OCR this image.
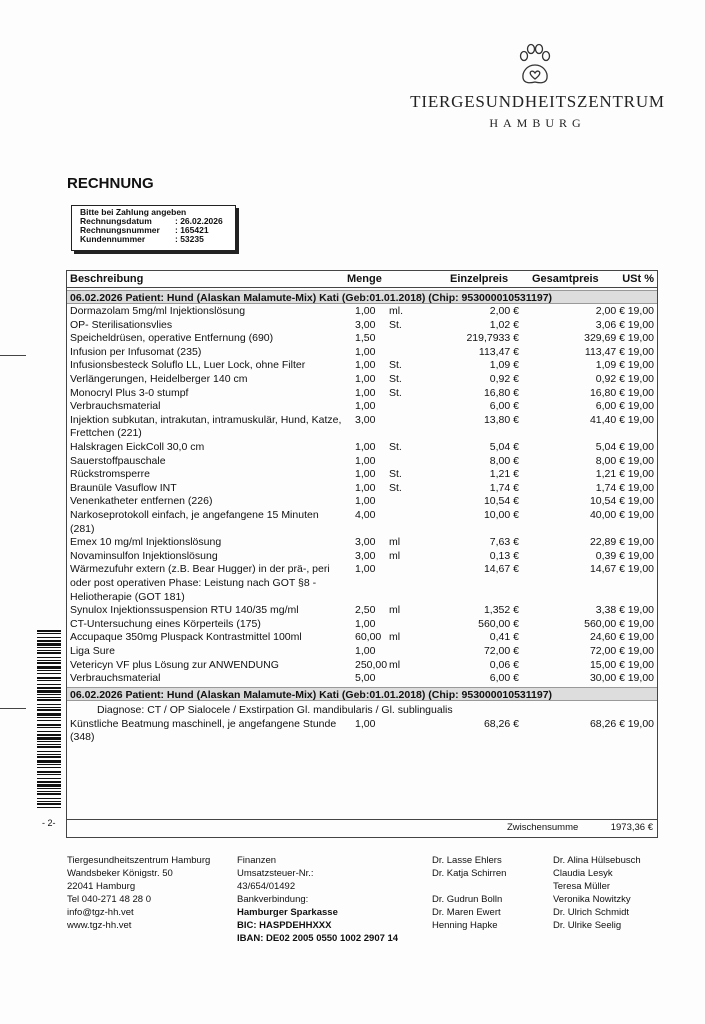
TIERGESUNDHEITSZENTRUM
HAMBURG
RECHNUNG
Bitte bei Zahlung angeben
Rechnungsdatum	: 26.02.2026
Rechnungsnummer	: 165421
Kundennummer	: 53235
- 2-
Beschreibung	Menge	Einzelpreis Gesamtpreis USt %
06.02.2026 Patient: Hund (Alaskan Malamute-Mix) Kati (Geb:01.01.2018) (Chip: 953000010531197)
Dormazolam 5mg/ml Injektionslösung	1,00 ml.	2,00 €	2,00 € 19,00
OP- Sterilisationsvlies	3,00 St.	1,02 €	3,06 € 19,00
Speicheldrüsen, operative Entfernung (690)	1,50	219,7933 €	329,69 € 19,00
Infusion per Infusomat (235)	1,00	113,47 €	113,47 € 19,00
Infusionsbesteck Soluflo LL, Luer Lock, ohne Filter	1,00 St.	1,09 €	1,09 € 19,00
Verlängerungen, Heidelberger 140 cm	1,00 St.	0,92 €	0,92 € 19,00
Monocryl Plus 3-0 stumpf	1,00 St.	16,80 €	16,80 € 19,00
Verbrauchsmaterial	1,00	6,00 €	6,00 € 19,00
Injektion subkutan, intrakutan, intramuskulär, Hund, Katze, Frettchen (221)
3,00	13,80 €	41,40 € 19,00
Halskragen EickColl 30,0 cm	1,00 St.	5,04 €	5,04 € 19,00
Sauerstoffpauschale	1,00	8,00 €	8,00 € 19,00
Rückstromsperre	1,00 St.	1,21 €	1,21 € 19,00
Braunüle Vasuflow INT	1,00 St.	1,74 €	1,74 € 19,00
Venenkatheter entfernen (226)	1,00	10,54 €	10,54 € 19,00
Narkoseprotokoll einfach, je angefangene 15 Minuten (281)
4,00	10,00 €	40,00 € 19,00
Emex 10 mg/ml Injektionslösung	3,00 ml	7,63 €	22,89 € 19,00
Novaminsulfon Injektionslösung	3,00 ml	0,13 €	0,39 € 19,00
Wärmezufuhr extern (z.B. Bear Hugger) in der prä-, peri oder post operativen Phase: Leistung nach GOT §8 - Heliotherapie (GOT 181)
1,00	14,67 €	14,67 € 19,00
Synulox Injektionssuspension RTU 140/35 mg/ml	2,50 ml	1,352 €	3,38 € 19,00
CT-Untersuchung eines Körperteils (175)	1,00	560,00 €	560,00 € 19,00
Accupaque 350mg Pluspack Kontrastmittel 100ml	60,00 ml	0,41 €	24,60 € 19,00
Liga Sure	1,00	72,00 €	72,00 € 19,00
Vetericyn VF plus Lösung zur ANWENDUNG	250,00 ml	0,06 €	15,00 € 19,00
Verbrauchsmaterial	5,00	6,00 €	30,00 € 19,00
06.02.2026 Patient: Hund (Alaskan Malamute-Mix) Kati (Geb:01.01.2018) (Chip: 953000010531197)
Diagnose: CT / OP Sialocele / Exstirpation Gl. mandibularis / Gl. sublingualis
Künstliche Beatmung maschinell, je angefangene Stunde (348)
1,00	68,26 €	68,26 € 19,00
Zwischensumme	1973,36 €
Tiergesundheitszentrum Hamburg
Wandsbeker Königstr. 50
22041 Hamburg
Tel 040-271 48 28 0
info@tgz-hh.vet
www.tgz-hh.vet
Finanzen
Umsatzsteuer-Nr.:
43/654/01492
Bankverbindung:
Hamburger Sparkasse
BIC: HASPDEHHXXX
IBAN: DE02 2005 0550 1002 2907 14
Dr. Lasse Ehlers
Dr. Katja Schirren
Dr. Gudrun Bolln
Dr. Maren Ewert
Henning Hapke
Dr. Alina Hülsebusch
Claudia Lesyk
Teresa Müller
Veronika Nowitzky
Dr. Ulrich Schmidt
Dr. Ulrike Seelig
